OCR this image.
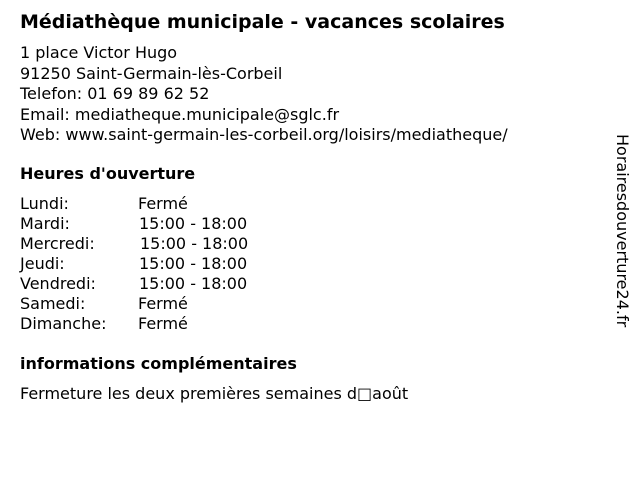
Médiathèque municipale - vacances scolaires
1 place Victor Hugo
91250 Saint-Germain-lès-Corbeil
Telefon: 01 69 89 62 52
Email: mediatheque.municipale@sglc.fr
Web: www.saint-germain-les-corbeil.org/loisirs/mediatheque/
Heures d'ouverture
Lundi:	Fermé
Mardi:	15:00 - 18:00
Mercredi:	15:00 - 18:00
Jeudi:	15:00 - 18:00
Vendredi:	15:00 - 18:00
Samedi:	Fermé
Dimanche: Fermé
informations complémentaires
Fermeture les deux premières semaines d□août
Horairesdouverture24.fr
